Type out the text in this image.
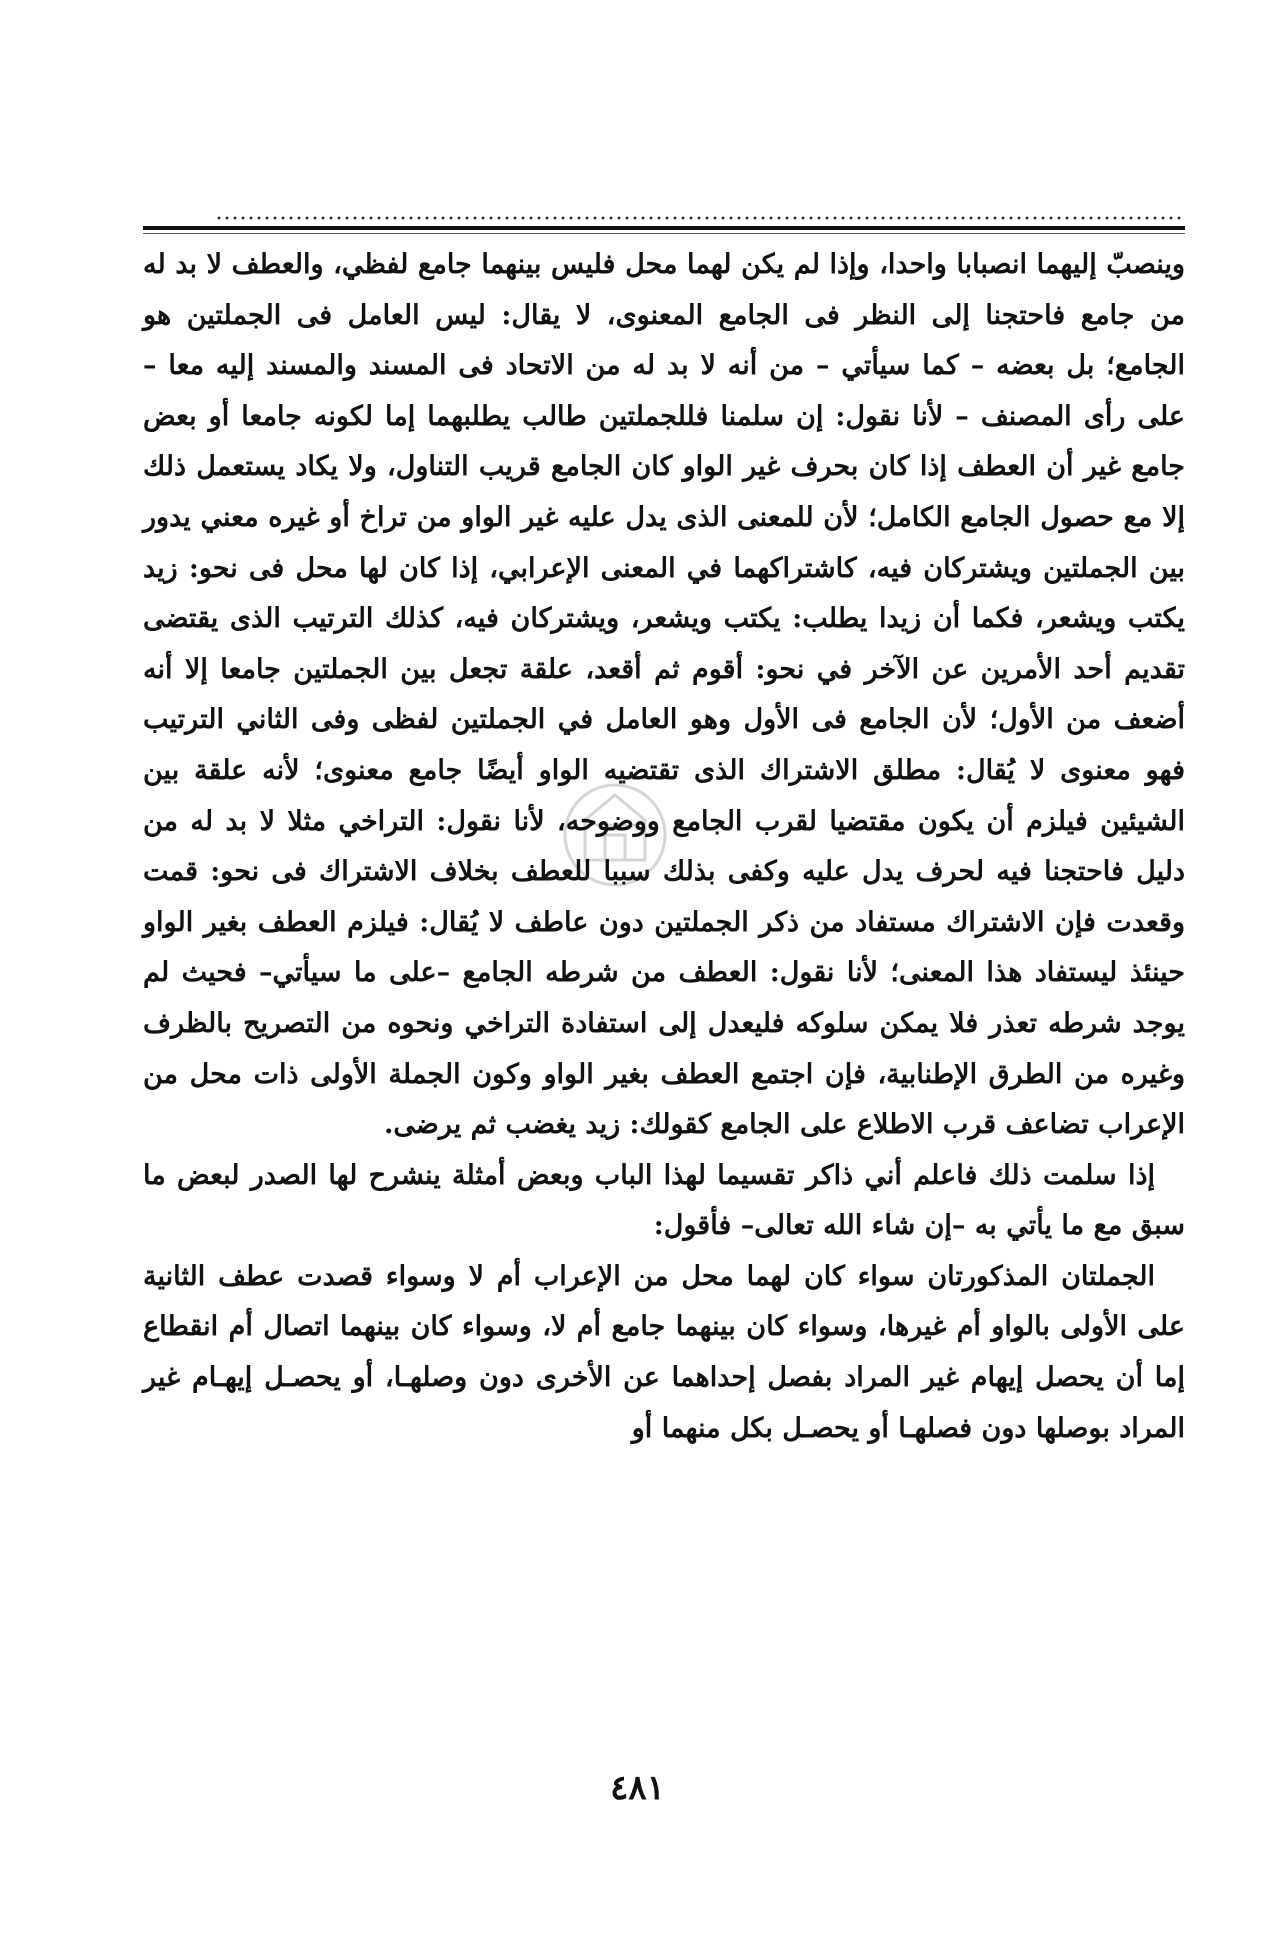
وينصبّ إليهما انصبابا واحدا، وإذا لم يكن لهما محل فليس بينهما جامع لفظي، والعطف لا بد له من جامع فاحتجنا إلى النظر فى الجامع المعنوى، لا يقال: ليس العامل فى الجملتين هو الجامع؛ بل بعضه – كما سيأتي – من أنه لا بد له من الاتحاد فى المسند والمسند إليه معا – على رأى المصنف – لأنا نقول: إن سلمنا فللجملتين طالب يطلبهما إما لكونه جامعا أو بعض جامع غير أن العطف إذا كان بحرف غير الواو كان الجامع قريب التناول، ولا يكاد يستعمل ذلك إلا مع حصول الجامع الكامل؛ لأن للمعنى الذى يدل عليه غير الواو من تراخ أو غيره معني يدور بين الجملتين ويشتركان فيه، كاشتراكهما في المعنى الإعرابي، إذا كان لها محل فى نحو: زيد يكتب ويشعر، فكما أن زيدا يطلب: يكتب ويشعر، ويشتركان فيه، كذلك الترتيب الذى يقتضى تقديم أحد الأمرين عن الآخر في نحو: أقوم ثم أقعد، علقة تجعل بين الجملتين جامعا إلا أنه أضعف من الأول؛ لأن الجامع فى الأول وهو العامل في الجملتين لفظى وفى الثاني الترتيب فهو معنوى لا يُقال: مطلق الاشتراك الذى تقتضيه الواو أيضًا جامع معنوى؛ لأنه علقة بين الشيئين فيلزم أن يكون مقتضيا لقرب الجامع ووضوحه، لأنا نقول: التراخي مثلا لا بد له من دليل فاحتجنا فيه لحرف يدل عليه وكفى بذلك سببا للعطف بخلاف الاشتراك فى نحو: قمت وقعدت فإن الاشتراك مستفاد من ذكر الجملتين دون عاطف لا يُقال: فيلزم العطف بغير الواو حينئذ ليستفاد هذا المعنى؛ لأنا نقول: العطف من شرطه الجامع –على ما سيأتي– فحيث لم يوجد شرطه تعذر فلا يمكن سلوكه فليعدل إلى استفادة التراخي ونحوه من التصريح بالظرف وغيره من الطرق الإطنابية، فإن اجتمع العطف بغير الواو وكون الجملة الأولى ذات محل من الإعراب تضاعف قرب الاطلاع على الجامع كقولك: زيد يغضب ثم يرضى.

إذا سلمت ذلك فاعلم أني ذاكر تقسيما لهذا الباب وبعض أمثلة ينشرح لها الصدر لبعض ما سبق مع ما يأتي به –إن شاء الله تعالى– فأقول:

الجملتان المذكورتان سواء كان لهما محل من الإعراب أم لا وسواء قصدت عطف الثانية على الأولى بالواو أم غيرها، وسواء كان بينهما جامع أم لا، وسواء كان بينهما اتصال أم انقطاع إما أن يحصل إيهام غير المراد بفصل إحداهما عن الأخرى دون وصلهـا، أو يحصـل إيهـام غير المراد بوصلها دون فصلهـا أو يحصـل بكل منهما أو

٤٨١
